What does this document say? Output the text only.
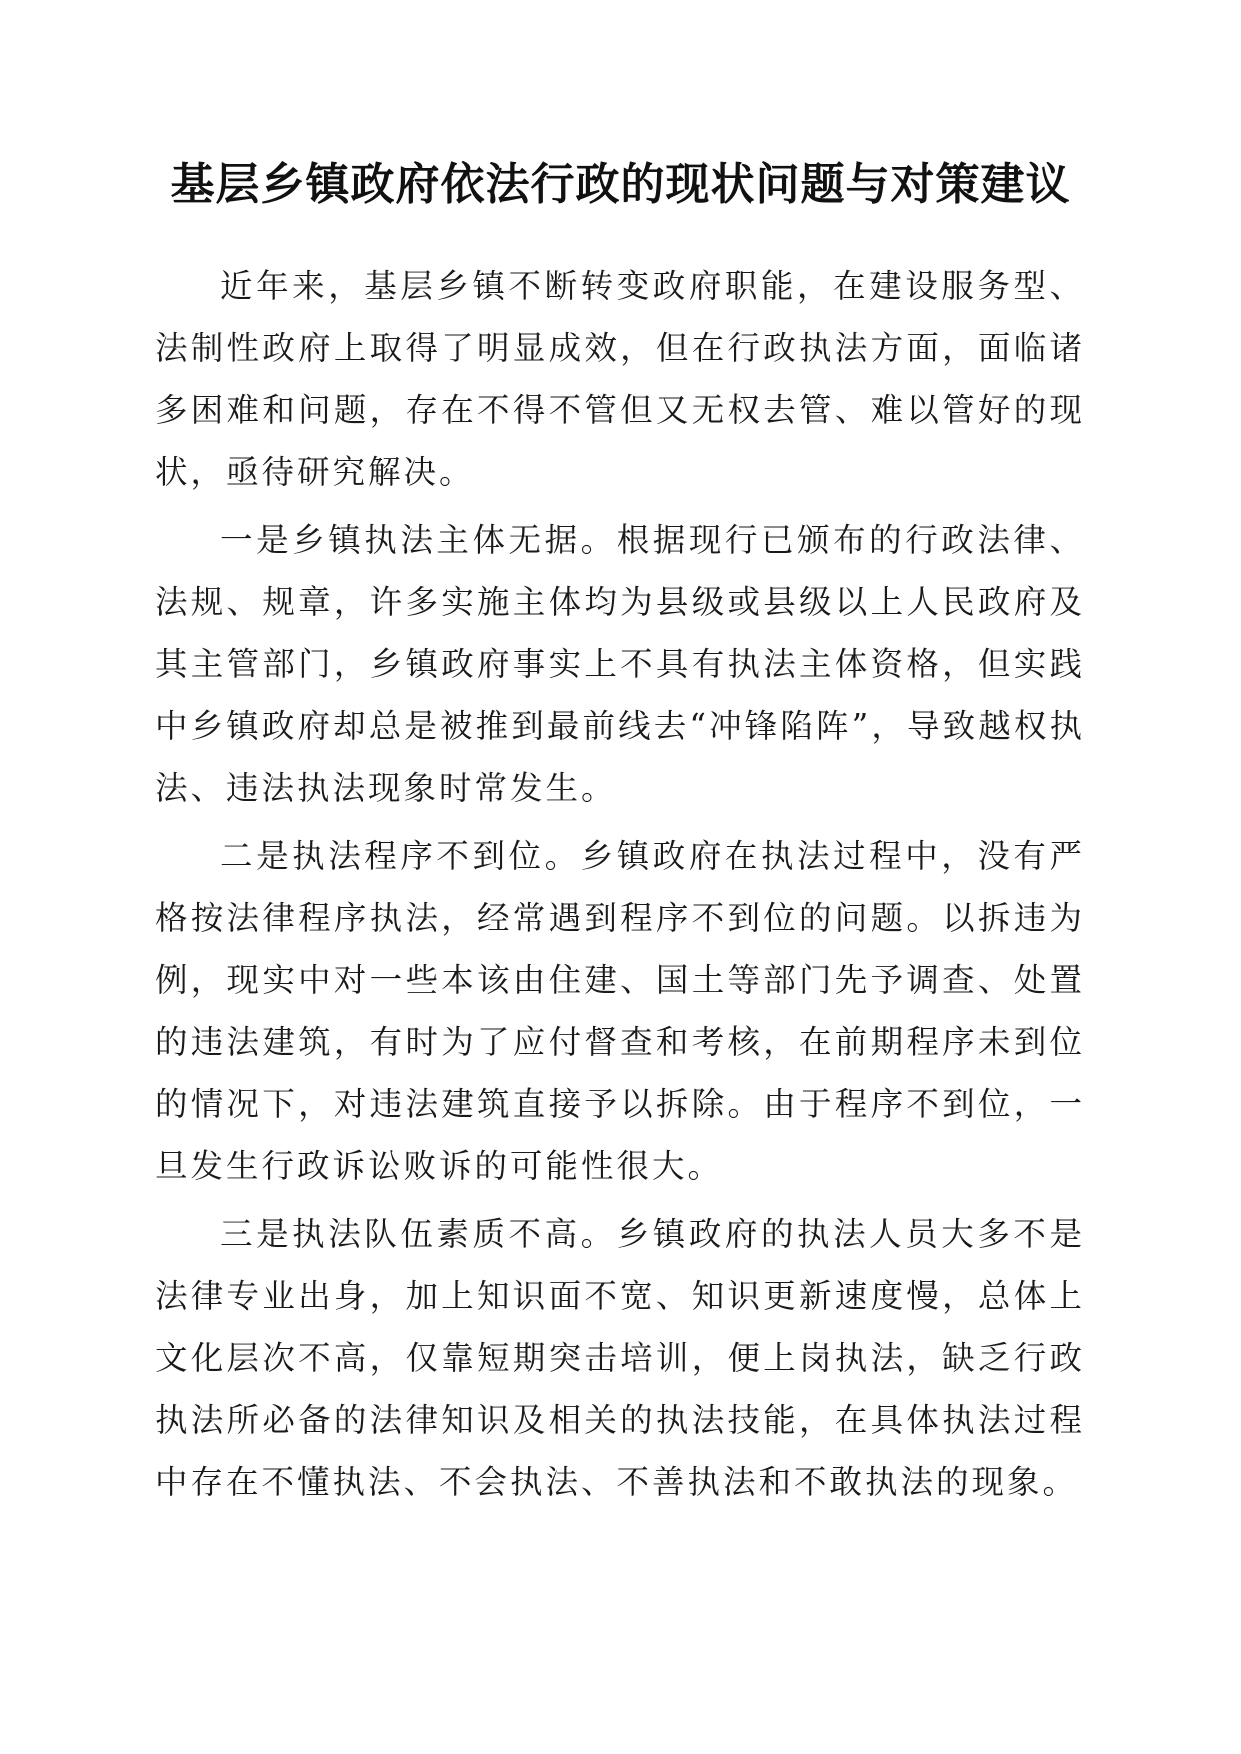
基层乡镇政府依法行政的现状问题与对策建议

近年来，基层乡镇不断转变政府职能，在建设服务型、法制性政府上取得了明显成效，但在行政执法方面，面临诸多困难和问题，存在不得不管但又无权去管、难以管好的现状，亟待研究解决。

一是乡镇执法主体无据。根据现行已颁布的行政法律、法规、规章，许多实施主体均为县级或县级以上人民政府及其主管部门，乡镇政府事实上不具有执法主体资格，但实践中乡镇政府却总是被推到最前线去“冲锋陷阵”，导致越权执法、违法执法现象时常发生。

二是执法程序不到位。乡镇政府在执法过程中，没有严格按法律程序执法，经常遇到程序不到位的问题。以拆违为例，现实中对一些本该由住建、国土等部门先予调查、处置的违法建筑，有时为了应付督查和考核，在前期程序未到位的情况下，对违法建筑直接予以拆除。由于程序不到位，一旦发生行政诉讼败诉的可能性很大。

三是执法队伍素质不高。乡镇政府的执法人员大多不是法律专业出身，加上知识面不宽、知识更新速度慢，总体上文化层次不高，仅靠短期突击培训，便上岗执法，缺乏行政执法所必备的法律知识及相关的执法技能，在具体执法过程中存在不懂执法、不会执法、不善执法和不敢执法的现象。
